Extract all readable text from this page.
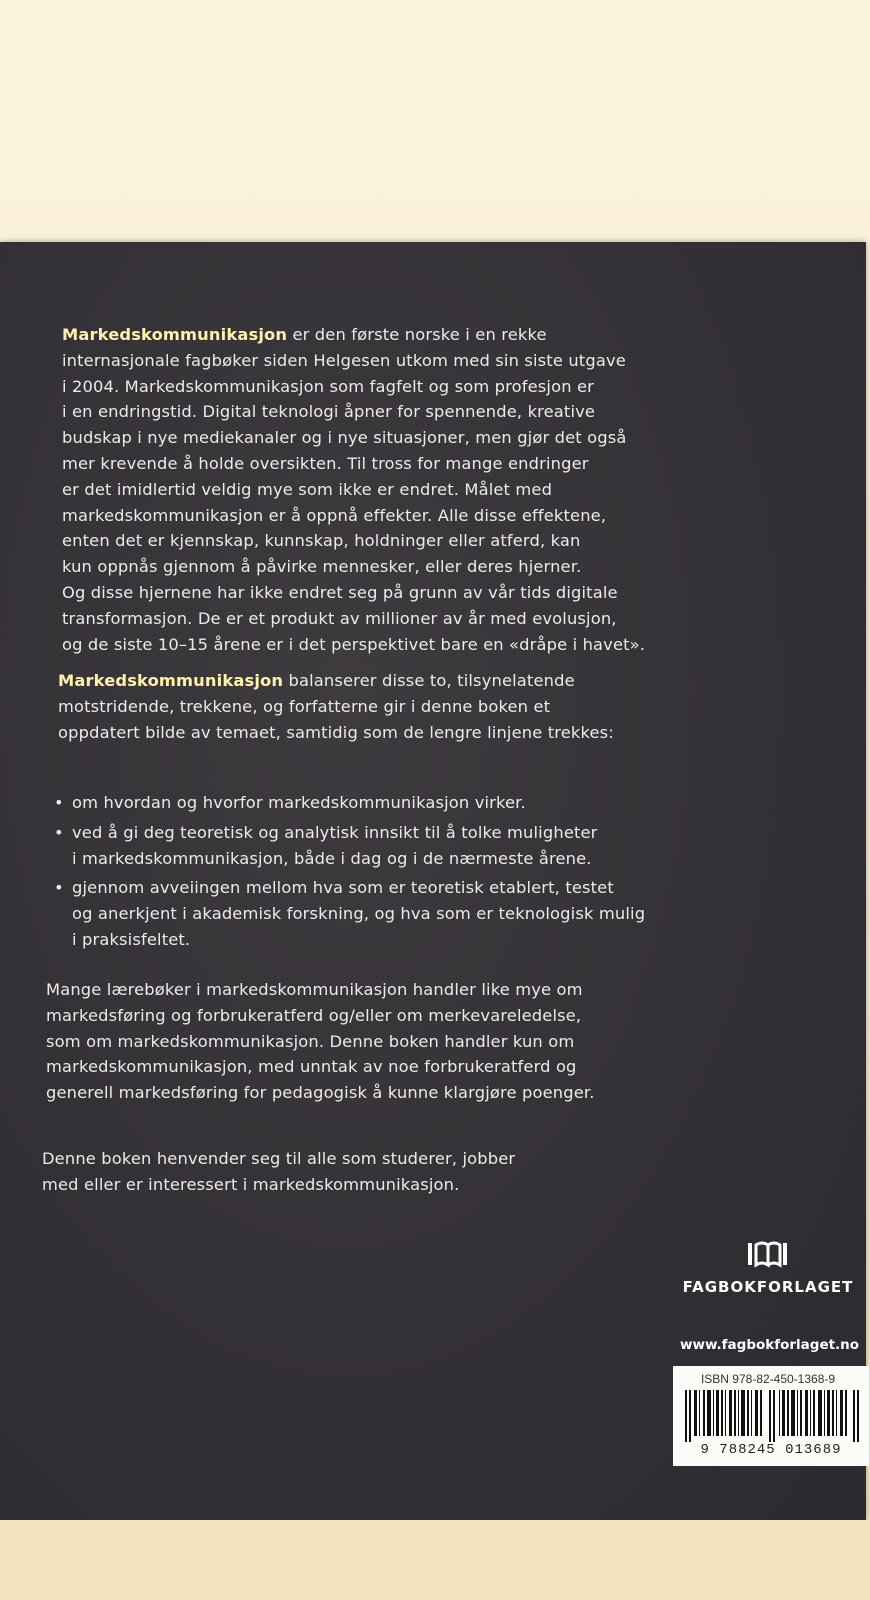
Markedskommunikasjon er den første norske i en rekke
internasjonale fagbøker siden Helgesen utkom med sin siste utgave
i 2004. Markedskommunikasjon som fagfelt og som profesjon er
i en endringstid. Digital teknologi åpner for spennende, kreative
budskap i nye mediekanaler og i nye situasjoner, men gjør det også
mer krevende å holde oversikten. Til tross for mange endringer
er det imidlertid veldig mye som ikke er endret. Målet med
markedskommunikasjon er å oppnå effekter. Alle disse effektene,
enten det er kjennskap, kunnskap, holdninger eller atferd, kan
kun oppnås gjennom å påvirke mennesker, eller deres hjerner.
Og disse hjernene har ikke endret seg på grunn av vår tids digitale
transformasjon. De er et produkt av millioner av år med evolusjon,
og de siste 10–15 årene er i det perspektivet bare en «dråpe i havet».
Markedskommunikasjon balanserer disse to, tilsynelatende
motstridende, trekkene, og forfatterne gir i denne boken et
oppdatert bilde av temaet, samtidig som de lengre linjene trekkes:
• om hvordan og hvorfor markedskommunikasjon virker.
• ved å gi deg teoretisk og analytisk innsikt til å tolke muligheter
i markedskommunikasjon, både i dag og i de nærmeste årene.
• gjennom avveiingen mellom hva som er teoretisk etablert, testet
og anerkjent i akademisk forskning, og hva som er teknologisk mulig
i praksisfeltet.
Mange lærebøker i markedskommunikasjon handler like mye om
markedsføring og forbrukeratferd og/eller om merkevareledelse,
som om markedskommunikasjon. Denne boken handler kun om
markedskommunikasjon, med unntak av noe forbrukeratferd og
generell markedsføring for pedagogisk å kunne klargjøre poenger.
Denne boken henvender seg til alle som studerer, jobber
med eller er interessert i markedskommunikasjon.
FAGBOKFORLAGET
www.fagbokforlaget.no
ISBN 978-82-450-1368-9
9 788245 013689
